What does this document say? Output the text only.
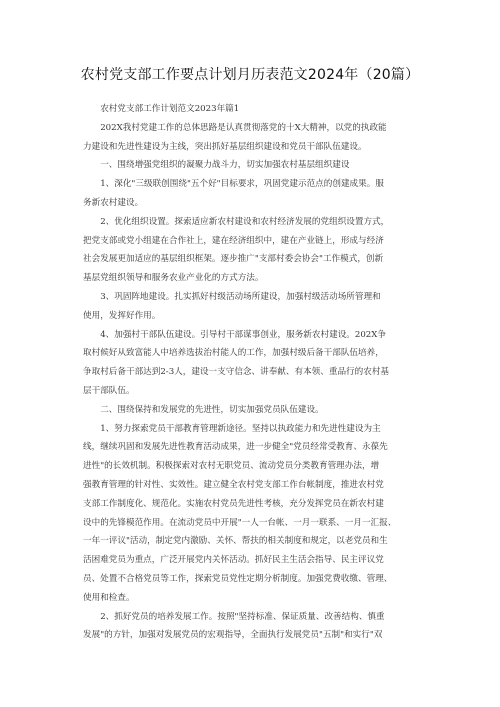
农村党支部工作要点计划月历表范文2024年（20篇）

农村党支部工作计划范文2023年篇1

202X我村党建工作的总体思路是认真贯彻落党的十X大精神，以党的执政能
力建设和先进性建设为主线，突出抓好基层组织建设和党员干部队伍建设。

一、围绕增强党组织的凝聚力战斗力，切实加强农村基层组织建设

1、深化"三级联创围绕"五个好"目标要求，巩固党建示范点的创建成果。服
务新农村建设。

2、优化组织设置。探索适应新农村建设和农村经济发展的党组织设置方式，
把党支部或党小组建在合作社上，建在经济组织中，建在产业链上，形成与经济
社会发展更加适应的基层组织框架。逐步推广"支部村委会协会"工作模式，创新
基层党组织领导和服务农业产业化的方式方法。

3、巩固阵地建设。扎实抓好村级活动场所建设，加强村级活动场所管理和
使用，发挥好作用。

4、加强村干部队伍建设。引导村干部谋事创业，服务新农村建设。202X争
取村候好从致富能人中培养选拔治村能人的工作，加强村级后备干部队伍培养，
争取村后备干部达到2-3人，建设一支守信念、讲奉献、有本领、重品行的农村基
层干部队伍。

二、围绕保持和发展党的先进性，切实加强党员队伍建设。

1、努力探索党员干部教育管理新途径。坚持以执政能力和先进性建设为主
线，继续巩固和发展先进性教育活动成果，进一步健全"党员经常受教育、永葆先
进性"的长效机制。积极探索对农村无职党员、流动党员分类教育管理办法，增
强教育管理的针对性、实效性。建立健全农村党支部工作台帐制度，推进农村党
支部工作制度化、规范化。实施农村党员先进性考核，充分发挥党员在新农村建
设中的先锋模范作用。在流动党员中开展"一人一台帐、一月一联系、一月一汇报、
一年一评议"活动，制定党内激励、关怀、帮扶的相关制度和规定，以老党员和生
活困难党员为重点，广泛开展党内关怀活动。抓好民主生活会指导、民主评议党
员、处置不合格党员等工作，探索党员党性定期分析制度。加强党费收缴、管理、
使用和检查。

2、抓好党员的培养发展工作。按照"坚持标准、保证质量、改善结构、慎重
发展"的方针，加强对发展党员的宏观指导，全面执行发展党员"五制"和实行"双
